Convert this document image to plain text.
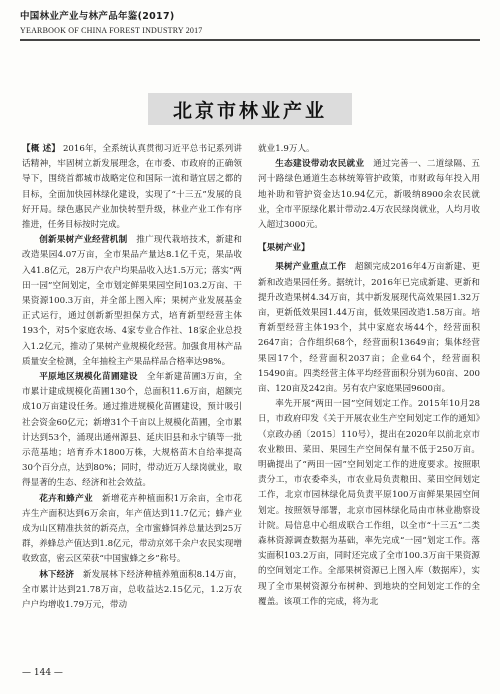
中国林业产业与林产品年鉴(2017)
YEARBOOK OF CHINA FOREST INDUSTRY 2017
北京市林业产业

【概 述】 2016年，全系统认真贯彻习近平总书记系列讲话精神，牢固树立新发展理念，在市委、市政府的正确领导下，围绕首都城市战略定位和国际一流和谐宜居之都的目标，全面加快园林绿化建设，实现了“十三五”发展的良好开局。绿色惠民产业加快转型升级，林业产业工作有序推进，任务目标按时完成。

创新果树产业经营机制　 推广现代栽培技术，新建和改造果园4.07万亩，全市果品产量达8.1亿千克，果品收入41.8亿元，28万户农户均果品收入达1.5万元；落实“两田一园”空间划定，全市划定鲜果果园空间103.2万亩、干果资源100.3万亩，并全部上图入库；果树产业发展基金正式运行，通过创新新型担保方式，培育新型经营主体193个，对5个家庭农场、4家专业合作社、18家企业总投入1.2亿元，推动了果树产业规模化经营。加强食用林产品质量安全检测，全年抽检主产果品样品合格率达98%。

平原地区规模化苗圃建设　 全年新建苗圃3万亩，全市累计建成规模化苗圃130个，总面积11.6万亩，超额完成10万亩建设任务。通过推进规模化苗圃建设，预计吸引社会资金60亿元；新增31个千亩以上规模化苗圃，全市累计达到53个，涌现出通州源县、延庆旧县和永宁镇等一批示范基地；培育乔木1800万株，大规格苗木自给率提高30个百分点，达到80%；同时，带动近万人绿岗就业，取得显著的生态、经济和社会效益。

花卉和蜂产业　 新增花卉种植面积1万余亩，全市花卉生产面积达到6万余亩，年产值达到11.7亿元；蜂产业成为山区精准扶贫的新亮点，全市蜜蜂饲养总量达到25万群，养蜂总产值达到1.8亿元，带动京郊千余户农民实现增收致富，密云区荣获“中国蜜蜂之乡”称号。

林下经济　 新发展林下经济种植养殖面积8.14万亩，全市累计达到21.78万亩，总收益达2.15亿元，1.2万农户户均增收1.79万元，带动

就业1.9万人。

生态建设带动农民就业　 通过完善一、二道绿隔、五河十路绿色通道生态林统筹管护政策，市财政每年投入用地补助和管护资金达10.94亿元，新吸纳8900余农民就业，全市平原绿化累计带动2.4万农民绿岗就业，人均月收入超过3000元。

【果树产业】

果树产业重点工作　 超额完成2016年4万亩新建、更新和改造果园任务。据统计，2016年已完成新建、更新和提升改造果树4.34万亩，其中新发展现代高效果园1.32万亩，更新低效果园1.44万亩，低效果园改造1.58万亩。培育新型经营主体193个，其中家庭农场44个，经营面积2647亩；合作组织68个，经营面积13649亩；集体经营果园17个，经营面积2037亩；企业64个，经营面积15490亩。四类经营主体平均经营面积分别为60亩、200亩、120亩及242亩。另有农户家庭果园9600亩。

率先开展“两田一园”空间划定工作。2015年10月28日，市政府印发《关于开展农业生产空间划定工作的通知》（京政办函〔2015〕110号），提出在2020年以前北京市农业粮田、菜田、果园生产空间保有量不低于250万亩。明确提出了“两田一园”空间划定工作的进度要求。按照职责分工，市农委牵头，市农业局负责粮田、菜田空间划定工作，北京市园林绿化局负责平原100万亩鲜果果园空间划定。按照领导部署，北京市园林绿化局由市林业勘察设计院。局信息中心组成联合工作组，以全市“十三五”二类森林资源调查数据为基础，率先完成“一园”划定工作。落实面积103.2万亩，同时还完成了全市100.3万亩干果资源的空间划定工作。全部果树资源已上图入库（数据库），实现了全市果树资源分布树种、到地块的空间划定工作的全覆盖。该项工作的完成，将为北

— 144 —
